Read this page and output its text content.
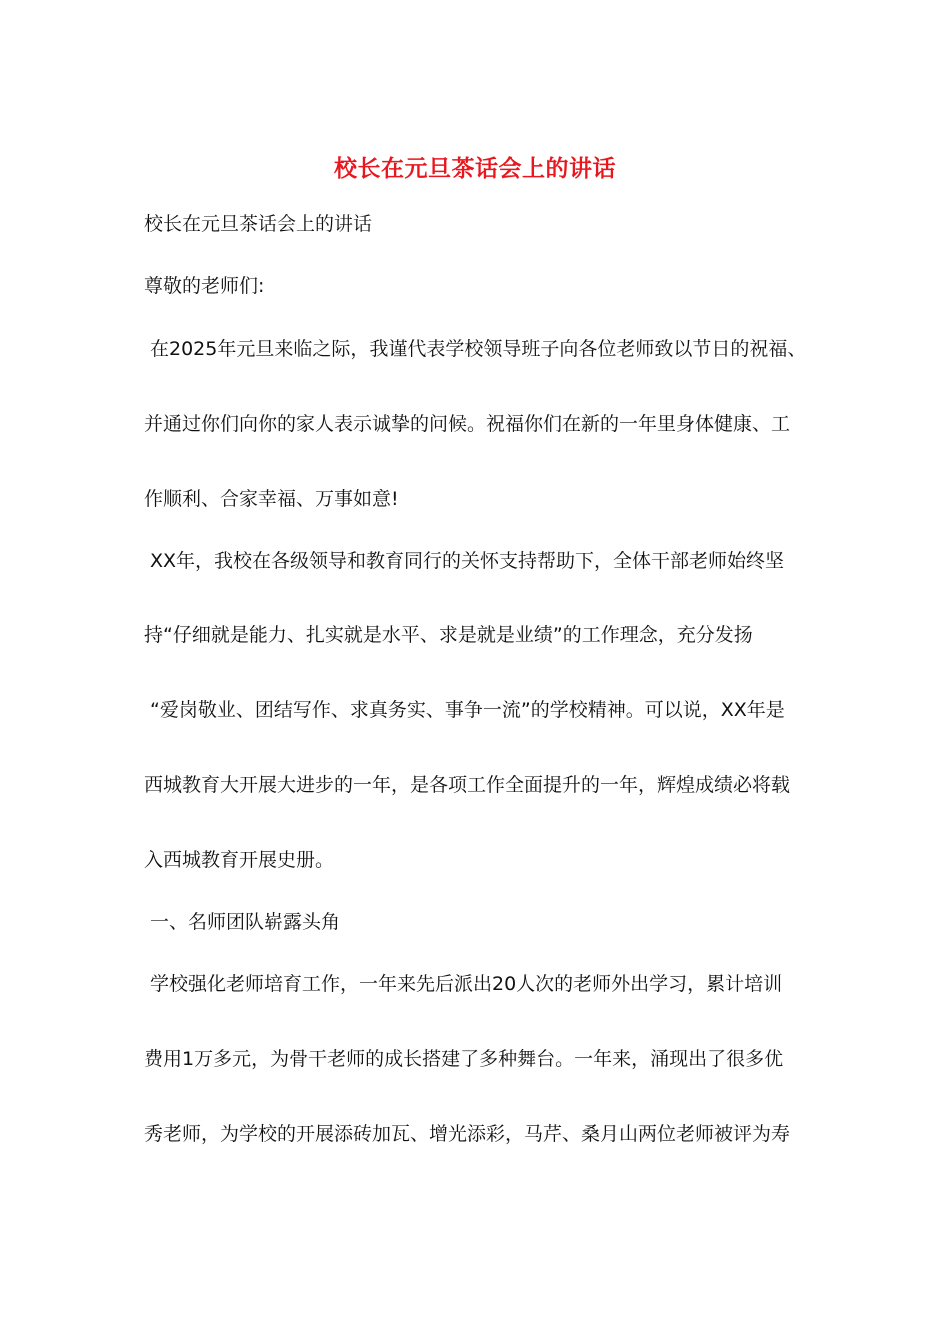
校长在元旦茶话会上的讲话
校长在元旦茶话会上的讲话
尊敬的老师们:
在2025年元旦来临之际，我谨代表学校领导班子向各位老师致以节日的祝福、
并通过你们向你的家人表示诚挚的问候。祝福你们在新的一年里身体健康、工
作顺利、合家幸福、万事如意!
XX年，我校在各级领导和教育同行的关怀支持帮助下，全体干部老师始终坚
持“仔细就是能力、扎实就是水平、求是就是业绩”的工作理念，充分发扬
“爱岗敬业、团结写作、求真务实、事争一流”的学校精神。可以说，XX年是
西城教育大开展大进步的一年，是各项工作全面提升的一年，辉煌成绩必将载
入西城教育开展史册。
一、名师团队崭露头角
学校强化老师培育工作，一年来先后派出20人次的老师外出学习，累计培训
费用1万多元，为骨干老师的成长搭建了多种舞台。一年来，涌现出了很多优
秀老师，为学校的开展添砖加瓦、增光添彩，马芹、桑月山两位老师被评为寿
